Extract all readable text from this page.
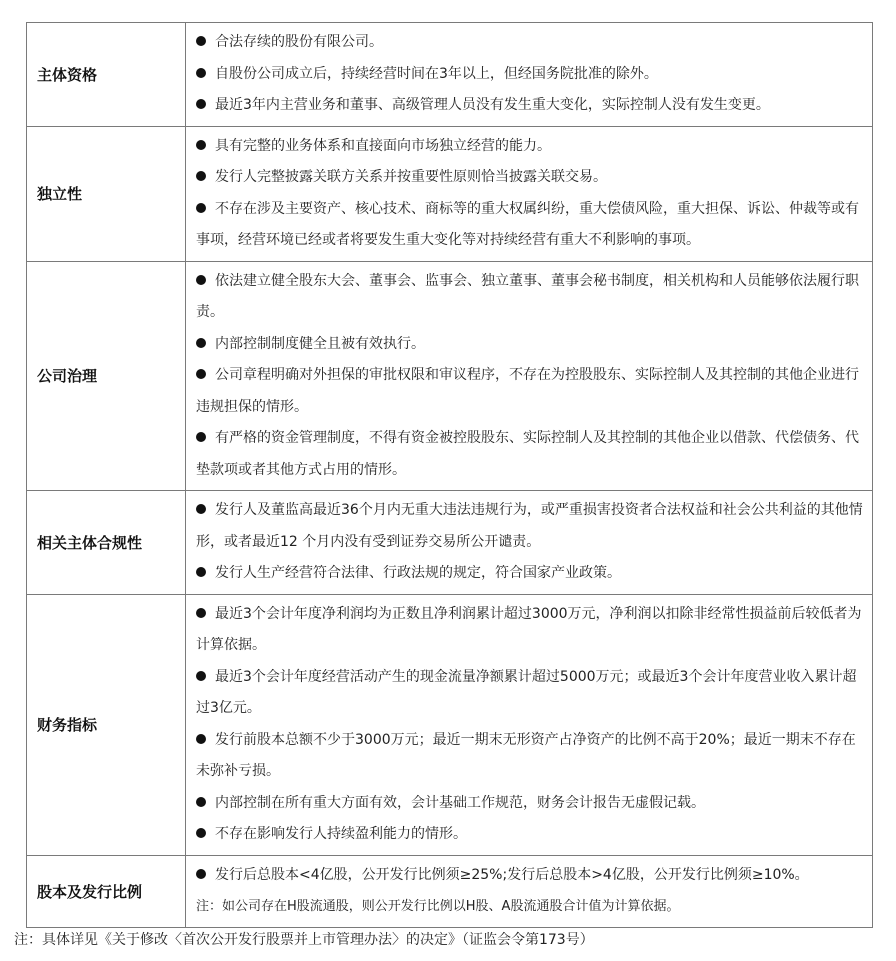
主体资格	合法存续的股份有限公司。
自股份公司成立后，持续经营时间在3年以上，但经国务院批准的除外。
最近3年内主营业务和董事、高级管理人员没有发生重大变化，实际控制人没有发生变更。

独立性	具有完整的业务体系和直接面向市场独立经营的能力。
发行人完整披露关联方关系并按重要性原则恰当披露关联交易。
不存在涉及主要资产、核心技术、商标等的重大权属纠纷，重大偿债风险，重大担保、诉讼、仲裁等或有事项，经营环境已经或者将要发生重大变化等对持续经营有重大不利影响的事项。

公司治理	依法建立健全股东大会、董事会、监事会、独立董事、董事会秘书制度，相关机构和人员能够依法履行职责。
内部控制制度健全且被有效执行。
公司章程明确对外担保的审批权限和审议程序，不存在为控股股东、实际控制人及其控制的其他企业进行违规担保的情形。
有严格的资金管理制度，不得有资金被控股股东、实际控制人及其控制的其他企业以借款、代偿债务、代垫款项或者其他方式占用的情形。

相关主体合规性	发行人及董监高最近36个月内无重大违法违规行为，或严重损害投资者合法权益和社会公共利益的其他情形，或者最近12 个月内没有受到证券交易所公开谴责。
发行人生产经营符合法律、行政法规的规定，符合国家产业政策。

财务指标	最近3个会计年度净利润均为正数且净利润累计超过3000万元，净利润以扣除非经常性损益前后较低者为计算依据。
最近3个会计年度经营活动产生的现金流量净额累计超过5000万元；或最近3个会计年度营业收入累计超过3亿元。
发行前股本总额不少于3000万元；最近一期末无形资产占净资产的比例不高于20%；最近一期末不存在未弥补亏损。
内部控制在所有重大方面有效，会计基础工作规范，财务会计报告无虚假记载。
不存在影响发行人持续盈利能力的情形。

股本及发行比例	发行后总股本<4亿股，公开发行比例须≥25%;发行后总股本>4亿股，公开发行比例须≥10%。
注：如公司存在H股流通股，则公开发行比例以H股、A股流通股合计值为计算依据。
注：具体详见《关于修改〈首次公开发行股票并上市管理办法〉的决定》（证监会令第173号）
